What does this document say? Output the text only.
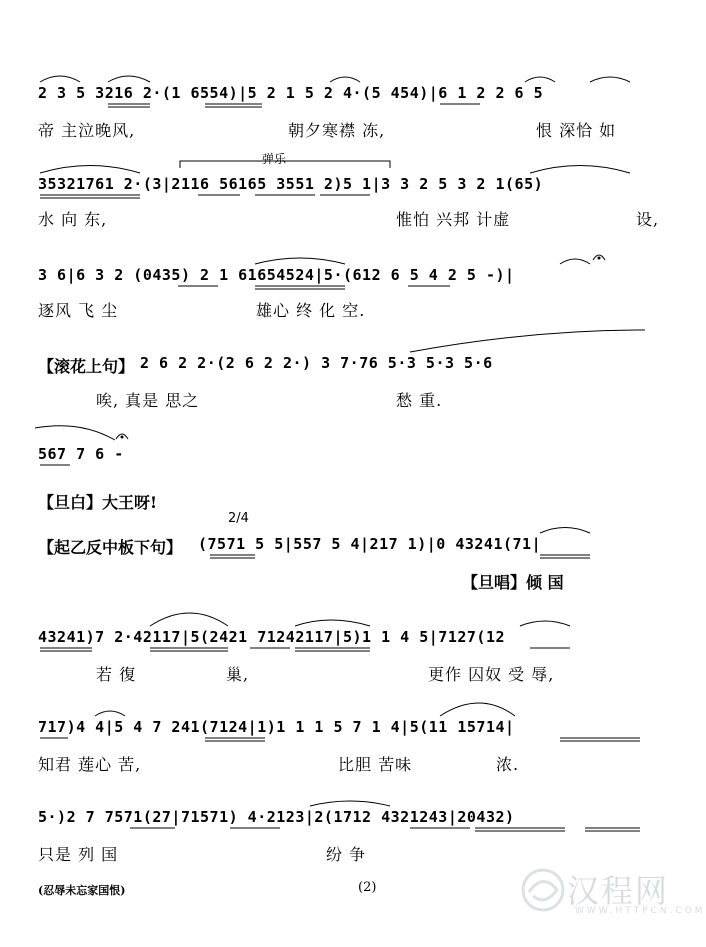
2 3 5 3216 2·(1 6554)|5 2 1 5 2 4·(5 454)|6 1 2 2 6 5
帝 主泣晚风,	朝夕寒襟 冻,	恨 深恰 如
弹乐
35321761 2·(3|2116 56165 3551 2)5 1|3 3 2 5 3 2 1(65)
水 向 东,	惟怕 兴邦 计虚	设,
3 6|6 3 2 (0435) 2 1 61654524|5·(612 6 5 4 2 5 -)|
逐风 飞 尘	雄心 终 化 空.
【滚花上句】 2 6 2 2·(2 6 2 2·) 3 7·76 5·3 5·3 5·6
唉, 真是 思之	愁 重.
567 7 6 -
【旦白】大王呀!
2/4
【起乙反中板下句】 (7571 5 5|557 5 4|217 1)|0 43241(71|
【旦唱】倾 国
43241)7 2·42117|5(2421 71242117|5)1 1 4 5|7127(12
若 復	巢,	更作 囚奴 受 辱,
717)4 4|5 4 7 241(7124|1)1 1 1 5 7 1 4|5(11 15714|
知君 莲心 苦,	比胆 苦味	浓.
5·)2 7 7571(27|71571) 4·2123|2(1712 4321243|20432)
只是 列 国	纷 争
(忍辱未忘家国恨)	(2)	汉程网
WWW.HTTPCN.COM
